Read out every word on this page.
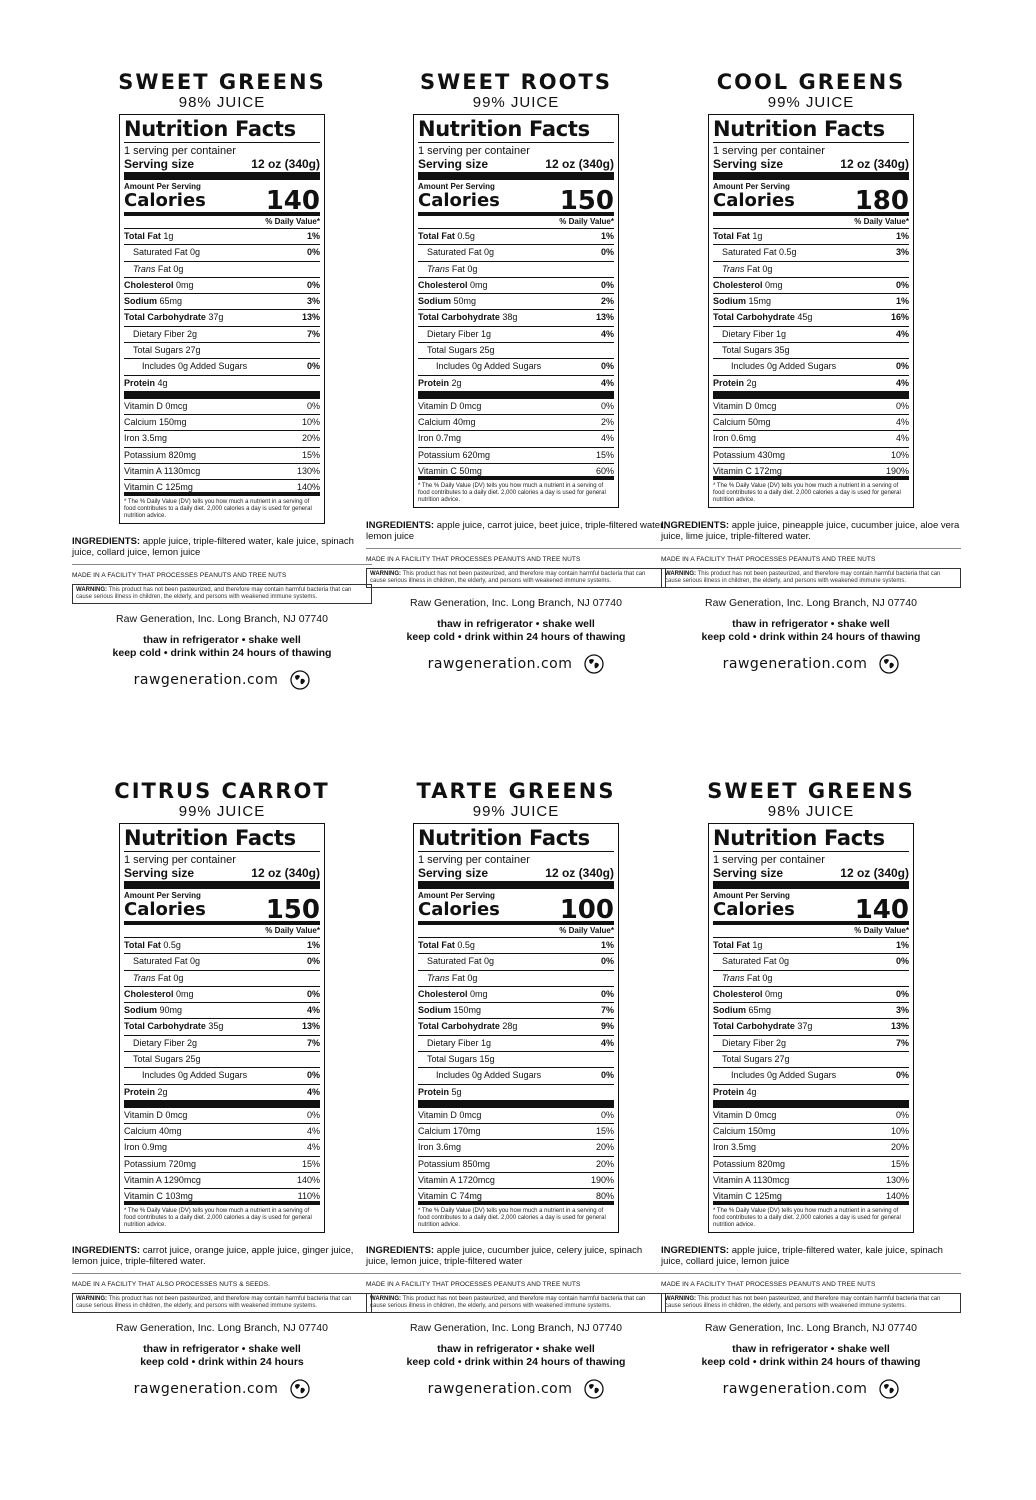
SWEET GREENS
98% JUICE
Nutrition Facts
1 serving per container
Serving size	12 oz (340g)
Amount Per Serving
Calories 140
% Daily Value*
Total Fat 1g	1%
Saturated Fat 0g	0%
Trans Fat 0g
Cholesterol 0mg	0%
Sodium 65mg	3%
Total Carbohydrate 37g	13%
Dietary Fiber 2g	7%
Total Sugars 27g
Includes 0g Added Sugars	0%
Protein 4g
Vitamin D 0mcg	0%
Calcium 150mg	10%
Iron 3.5mg	20%
Potassium 820mg	15%
Vitamin A 1130mcg	130%
Vitamin C 125mg	140%
* The % Daily Value (DV) tells you how much a nutrient in a serving of food contributes to a daily diet. 2,000 calories a day is used for general nutrition advice.
INGREDIENTS: apple juice, triple-filtered water, kale juice, spinach juice, collard juice, lemon juice
MADE IN A FACILITY THAT PROCESSES PEANUTS AND TREE NUTS
WARNING: This product has not been pasteurized, and therefore may contain harmful bacteria that can cause serious illness in children, the elderly, and persons with weakened immune systems.
Raw Generation, Inc. Long Branch, NJ 07740
thaw in refrigerator • shake well
keep cold • drink within 24 hours of thawing
rawgeneration.com
SWEET ROOTS
99% JUICE
Nutrition Facts
1 serving per container
Serving size	12 oz (340g)
Amount Per Serving
Calories 150
% Daily Value*
Total Fat 0.5g	1%
Saturated Fat 0g	0%
Trans Fat 0g
Cholesterol 0mg	0%
Sodium 50mg	2%
Total Carbohydrate 38g	13%
Dietary Fiber 1g	4%
Total Sugars 25g
Includes 0g Added Sugars	0%
Protein 2g	4%
Vitamin D 0mcg	0%
Calcium 40mg	2%
Iron 0.7mg	4%
Potassium 620mg	15%
Vitamin C 50mg	60%
* The % Daily Value (DV) tells you how much a nutrient in a serving of food contributes to a daily diet. 2,000 calories a day is used for general nutrition advice.
INGREDIENTS: apple juice, carrot juice, beet juice, triple-filtered water, lemon juice
MADE IN A FACILITY THAT PROCESSES PEANUTS AND TREE NUTS
WARNING: This product has not been pasteurized, and therefore may contain harmful bacteria that can cause serious illness in children, the elderly, and persons with weakened immune systems.
Raw Generation, Inc. Long Branch, NJ 07740
thaw in refrigerator • shake well
keep cold • drink within 24 hours of thawing
rawgeneration.com
COOL GREENS
99% JUICE
Nutrition Facts
1 serving per container
Serving size	12 oz (340g)
Amount Per Serving
Calories 180
% Daily Value*
Total Fat 1g	1%
Saturated Fat 0.5g	3%
Trans Fat 0g
Cholesterol 0mg	0%
Sodium 15mg	1%
Total Carbohydrate 45g	16%
Dietary Fiber 1g	4%
Total Sugars 35g
Includes 0g Added Sugars	0%
Protein 2g	4%
Vitamin D 0mcg	0%
Calcium 50mg	4%
Iron 0.6mg	4%
Potassium 430mg	10%
Vitamin C 172mg	190%
* The % Daily Value (DV) tells you how much a nutrient in a serving of food contributes to a daily diet. 2,000 calories a day is used for general nutrition advice.
INGREDIENTS: apple juice, pineapple juice, cucumber juice, aloe vera juice, lime juice, triple-filtered water.
MADE IN A FACILITY THAT PROCESSES PEANUTS AND TREE NUTS
WARNING: This product has not been pasteurized, and therefore may contain harmful bacteria that can cause serious illness in children, the elderly, and persons with weakened immune systems.
Raw Generation, Inc. Long Branch, NJ 07740
thaw in refrigerator • shake well
keep cold • drink within 24 hours of thawing
rawgeneration.com
CITRUS CARROT
99% JUICE
Nutrition Facts
1 serving per container
Serving size	12 oz (340g)
Amount Per Serving
Calories 150
% Daily Value*
Total Fat 0.5g	1%
Saturated Fat 0g	0%
Trans Fat 0g
Cholesterol 0mg	0%
Sodium 90mg	4%
Total Carbohydrate 35g	13%
Dietary Fiber 2g	7%
Total Sugars 25g
Includes 0g Added Sugars	0%
Protein 2g	4%
Vitamin D 0mcg	0%
Calcium 40mg	4%
Iron 0.9mg	4%
Potassium 720mg	15%
Vitamin A 1290mcg	140%
Vitamin C 103mg	110%
* The % Daily Value (DV) tells you how much a nutrient in a serving of food contributes to a daily diet. 2,000 calories a day is used for general nutrition advice.
INGREDIENTS: carrot juice, orange juice, apple juice, ginger juice, lemon juice, triple-filtered water.
MADE IN A FACILITY THAT ALSO PROCESSES NUTS & SEEDS.
WARNING: This product has not been pasteurized, and therefore may contain harmful bacteria that can cause serious illness in children, the elderly, and persons with weakened immune systems.
Raw Generation, Inc. Long Branch, NJ 07740
thaw in refrigerator • shake well
keep cold • drink within 24 hours
rawgeneration.com
TARTE GREENS
99% JUICE
Nutrition Facts
1 serving per container
Serving size	12 oz (340g)
Amount Per Serving
Calories 100
% Daily Value*
Total Fat 0.5g	1%
Saturated Fat 0g	0%
Trans Fat 0g
Cholesterol 0mg	0%
Sodium 150mg	7%
Total Carbohydrate 28g	9%
Dietary Fiber 1g	4%
Total Sugars 15g
Includes 0g Added Sugars	0%
Protein 5g
Vitamin D 0mcg	0%
Calcium 170mg	15%
Iron 3.6mg	20%
Potassium 850mg	20%
Vitamin A 1720mcg	190%
Vitamin C 74mg	80%
* The % Daily Value (DV) tells you how much a nutrient in a serving of food contributes to a daily diet. 2,000 calories a day is used for general nutrition advice.
INGREDIENTS: apple juice, cucumber juice, celery juice, spinach juice, lemon juice, triple-filtered water
MADE IN A FACILITY THAT PROCESSES PEANUTS AND TREE NUTS
WARNING: This product has not been pasteurized, and therefore may contain harmful bacteria that can cause serious illness in children, the elderly, and persons with weakened immune systems.
Raw Generation, Inc. Long Branch, NJ 07740
thaw in refrigerator • shake well
keep cold • drink within 24 hours of thawing
rawgeneration.com
SWEET GREENS
98% JUICE
Nutrition Facts
1 serving per container
Serving size	12 oz (340g)
Amount Per Serving
Calories 140
% Daily Value*
Total Fat 1g	1%
Saturated Fat 0g	0%
Trans Fat 0g
Cholesterol 0mg	0%
Sodium 65mg	3%
Total Carbohydrate 37g	13%
Dietary Fiber 2g	7%
Total Sugars 27g
Includes 0g Added Sugars	0%
Protein 4g
Vitamin D 0mcg	0%
Calcium 150mg	10%
Iron 3.5mg	20%
Potassium 820mg	15%
Vitamin A 1130mcg	130%
Vitamin C 125mg	140%
* The % Daily Value (DV) tells you how much a nutrient in a serving of food contributes to a daily diet. 2,000 calories a day is used for general nutrition advice.
INGREDIENTS: apple juice, triple-filtered water, kale juice, spinach juice, collard juice, lemon juice
MADE IN A FACILITY THAT PROCESSES PEANUTS AND TREE NUTS
WARNING: This product has not been pasteurized, and therefore may contain harmful bacteria that can cause serious illness in children, the elderly, and persons with weakened immune systems.
Raw Generation, Inc. Long Branch, NJ 07740
thaw in refrigerator • shake well
keep cold • drink within 24 hours of thawing
rawgeneration.com
